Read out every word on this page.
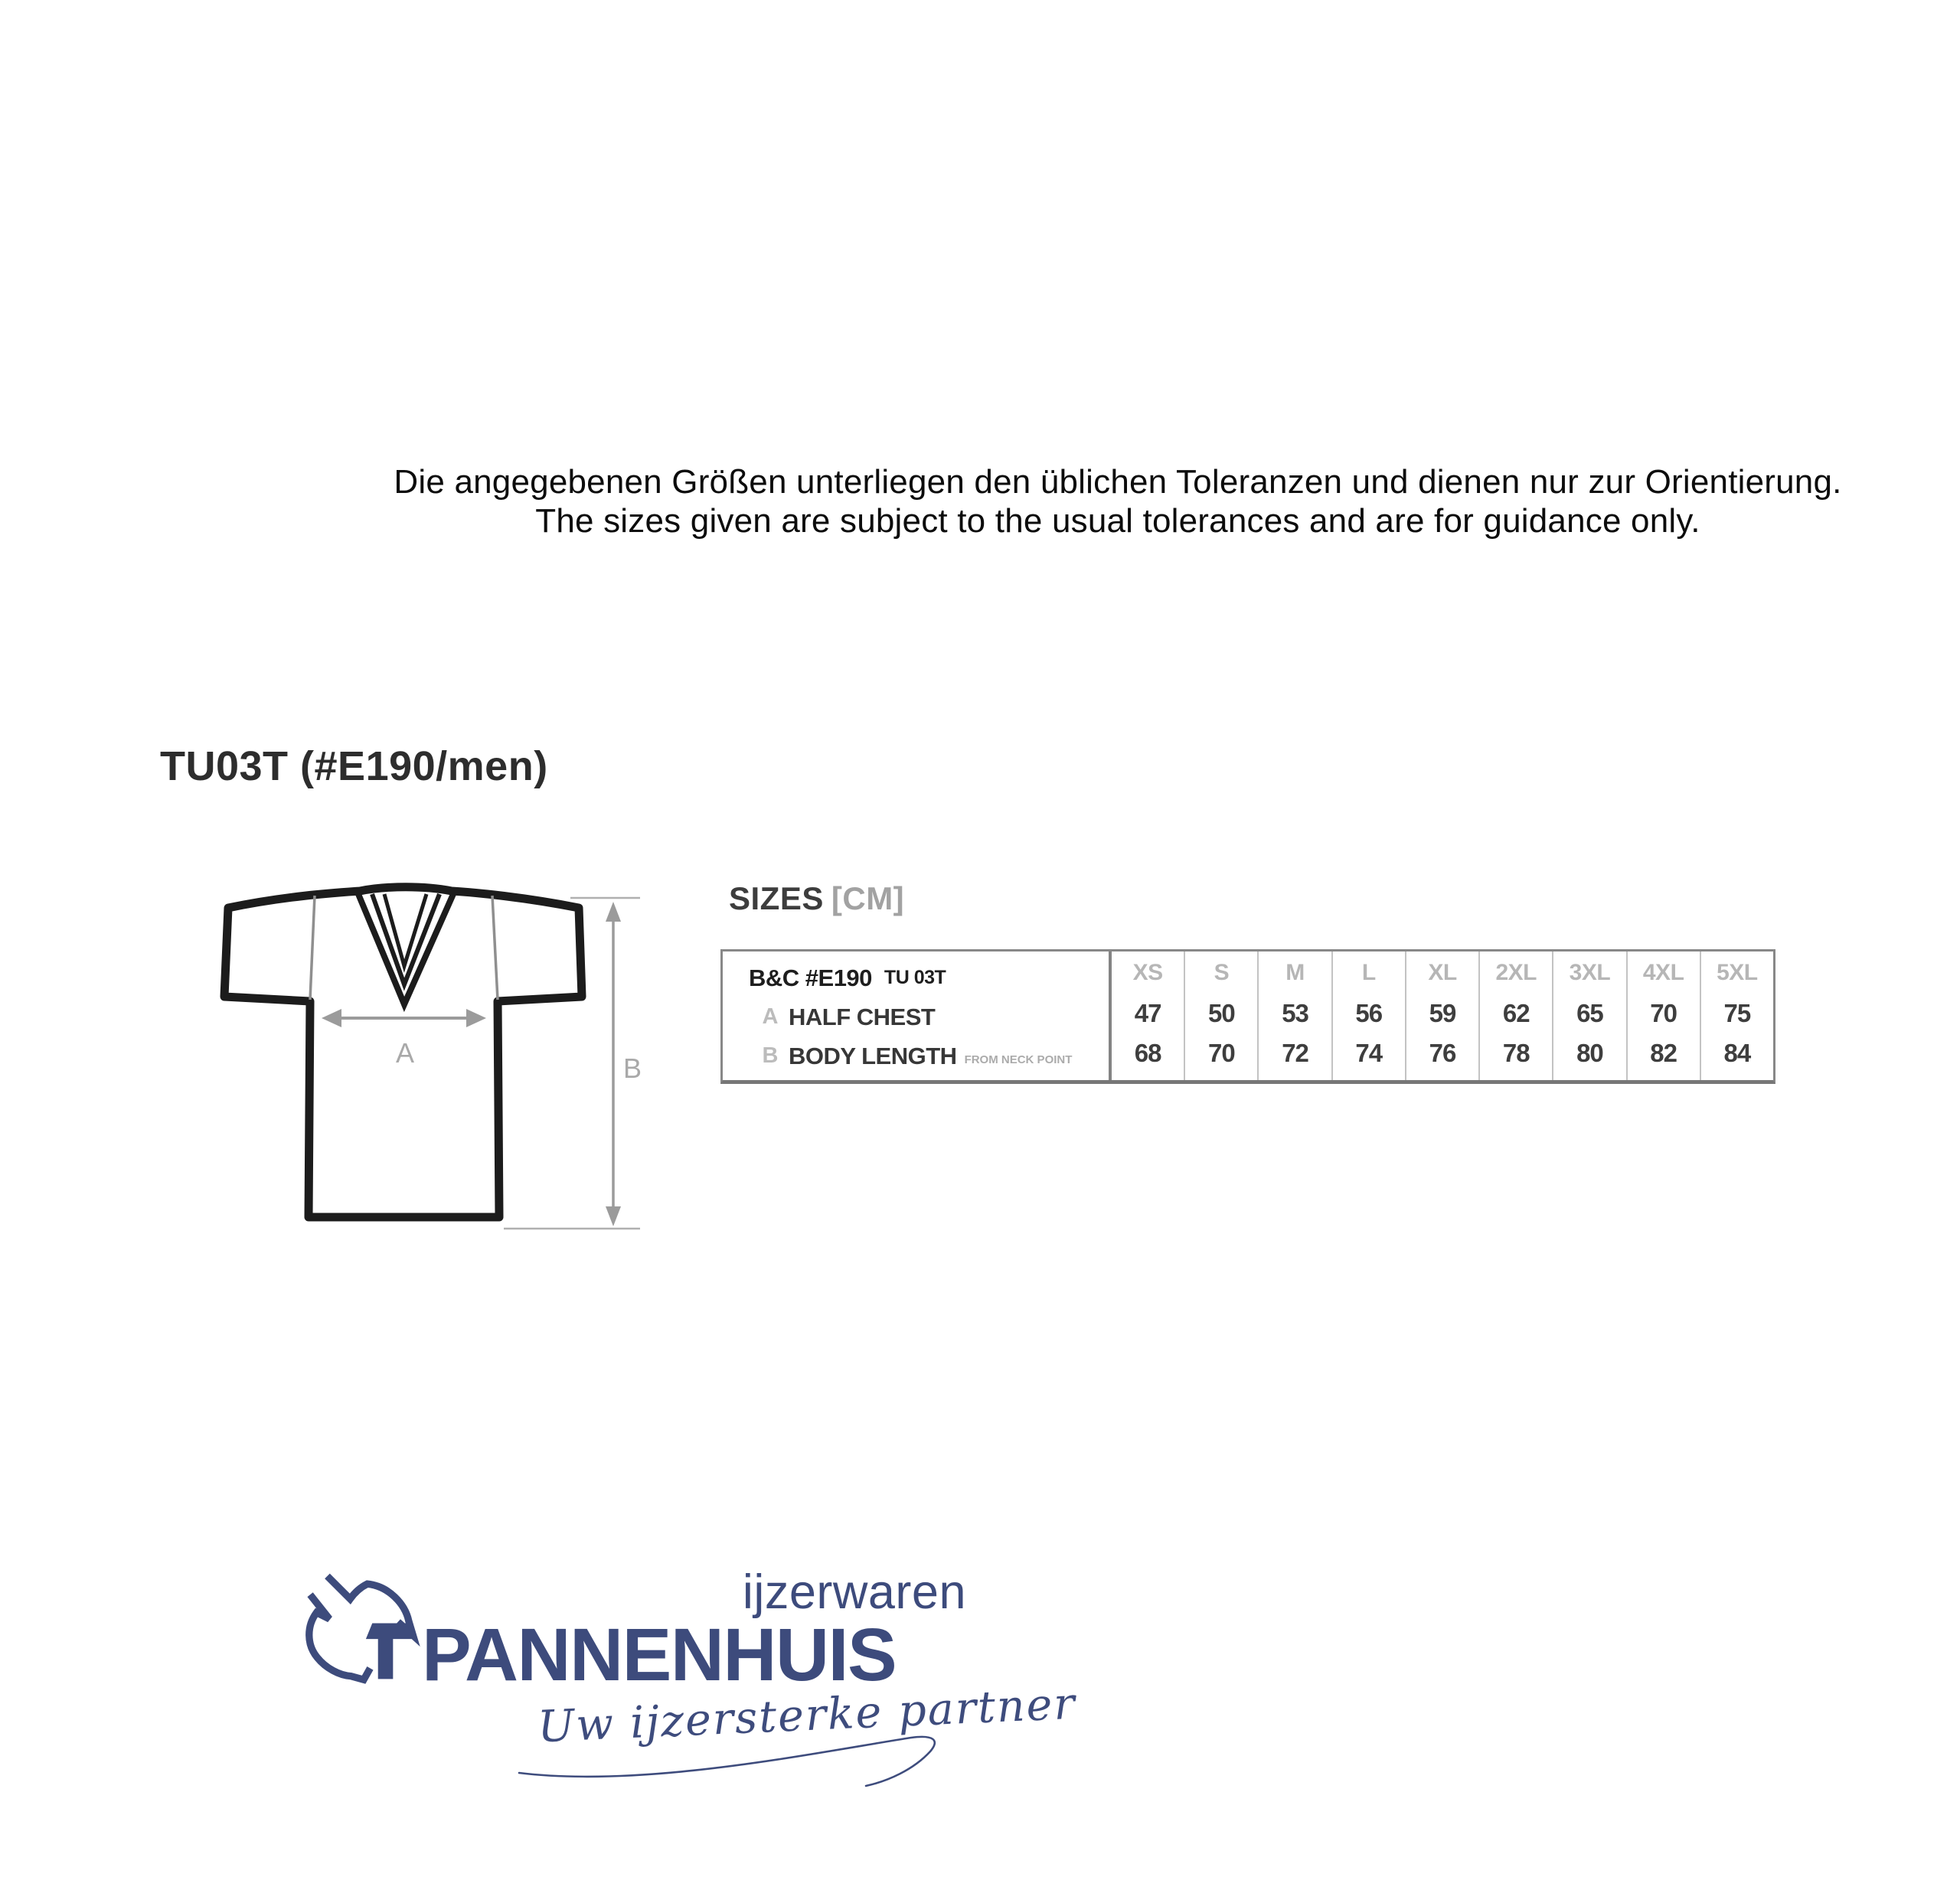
Die angegebenen Größen unterliegen den üblichen Toleranzen und dienen nur zur Orientierung.
The sizes given are subject to the usual tolerances and are for guidance only.
TU03T (#E190/men)
A	B
SIZES [CM]
B&C #E190 TU 03T
A HALF CHEST
B BODY LENGTH FROM NECK POINT
XS
47
68
S
50
70
M
53
72
L
56
74
XL
59
76
2XL
62
78
3XL
65
80
4XL
70
82
5XL
75
84
ijzerwaren
PANNENHUIS
Uw ijzersterke partner
